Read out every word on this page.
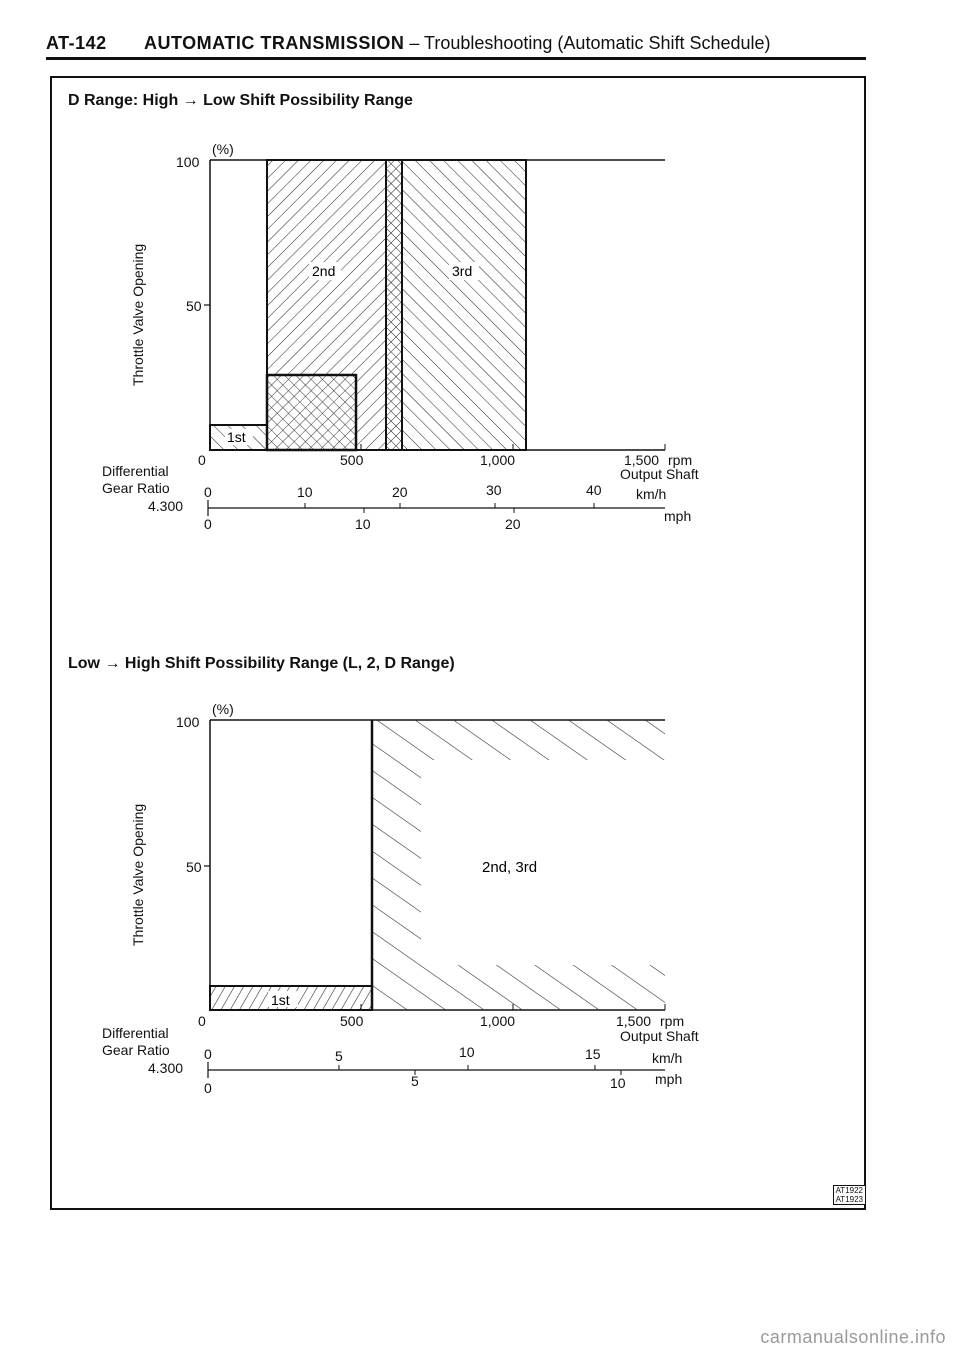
AT-142 AUTOMATIC TRANSMISSION – Troubleshooting (Automatic Shift Schedule)
D Range: High → Low Shift Possibility Range
Throttle Valve Opening	2nd	3rd
1st
1st
2nd, 3rd
(%)
100
50
0	500	1,000	1,500 rpm
Output Shaft
Differential
Gear Ratio
4.300
0	10	20	30	40 km/h
0	10	20	mph
Low → High Shift Possibility Range (L, 2, D Range)
Throttle Valve Opening
(%)
100
50
0	500	1,000	1,500 rpm
Output Shaft
Differential
Gear Ratio
4.300
0	5	10	15	km/h
0	5	10 mph
AT1922
AT1923
carmanualsonline.info
